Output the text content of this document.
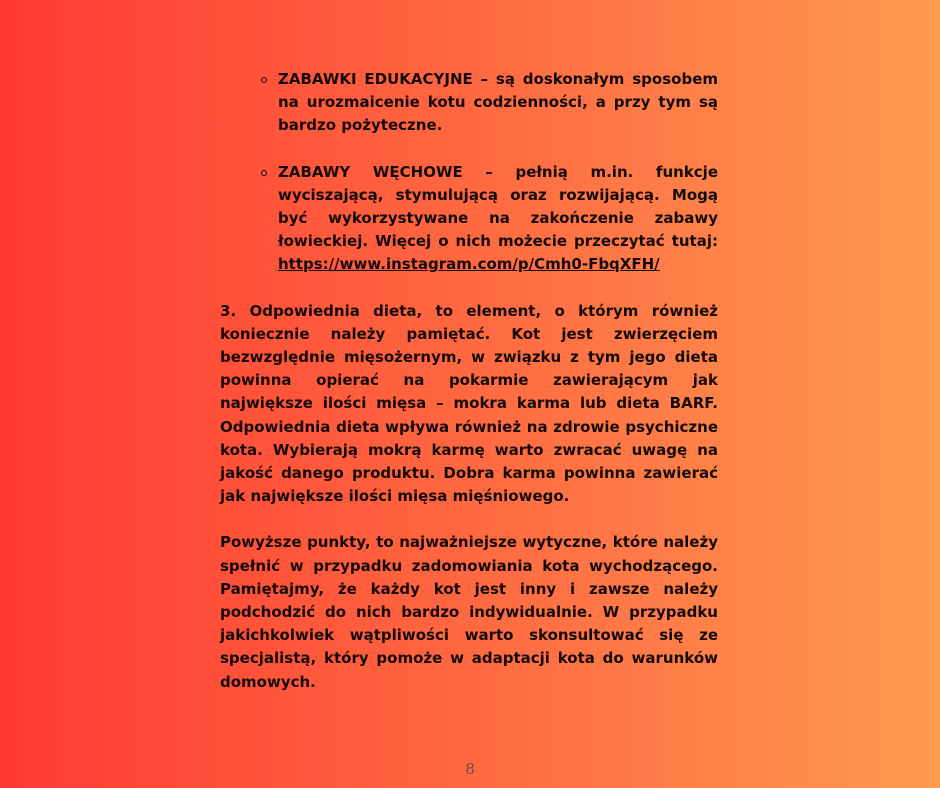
ZABAWKI EDUKACYJNE – są doskonałym sposobem na urozmaicenie kotu codzienności, a przy tym są bardzo pożyteczne.

ZABAWY WĘCHOWE – pełnią m.in. funkcje wyciszającą, stymulującą oraz rozwijającą. Mogą być wykorzystywane na zakończenie zabawy łowieckiej. Więcej o nich możecie przeczytać tutaj: https://www.instagram.com/p/Cmh0-FbqXFH/

3. Odpowiednia dieta, to element, o którym również koniecznie należy pamiętać. Kot jest zwierzęciem bezwzględnie mięsożernym, w związku z tym jego dieta powinna opierać na pokarmie zawierającym jak największe ilości mięsa – mokra karma lub dieta BARF. Odpowiednia dieta wpływa również na zdrowie psychiczne kota. Wybierają mokrą karmę warto zwracać uwagę na jakość danego produktu. Dobra karma powinna zawierać jak największe ilości mięsa mięśniowego.

Powyższe punkty, to najważniejsze wytyczne, które należy spełnić w przypadku zadomowiania kota wychodzącego. Pamiętajmy, że każdy kot jest inny i zawsze należy podchodzić do nich bardzo indywidualnie. W przypadku jakichkolwiek wątpliwości warto skonsultować się ze specjalistą, który pomoże w adaptacji kota do warunków domowych.

8
